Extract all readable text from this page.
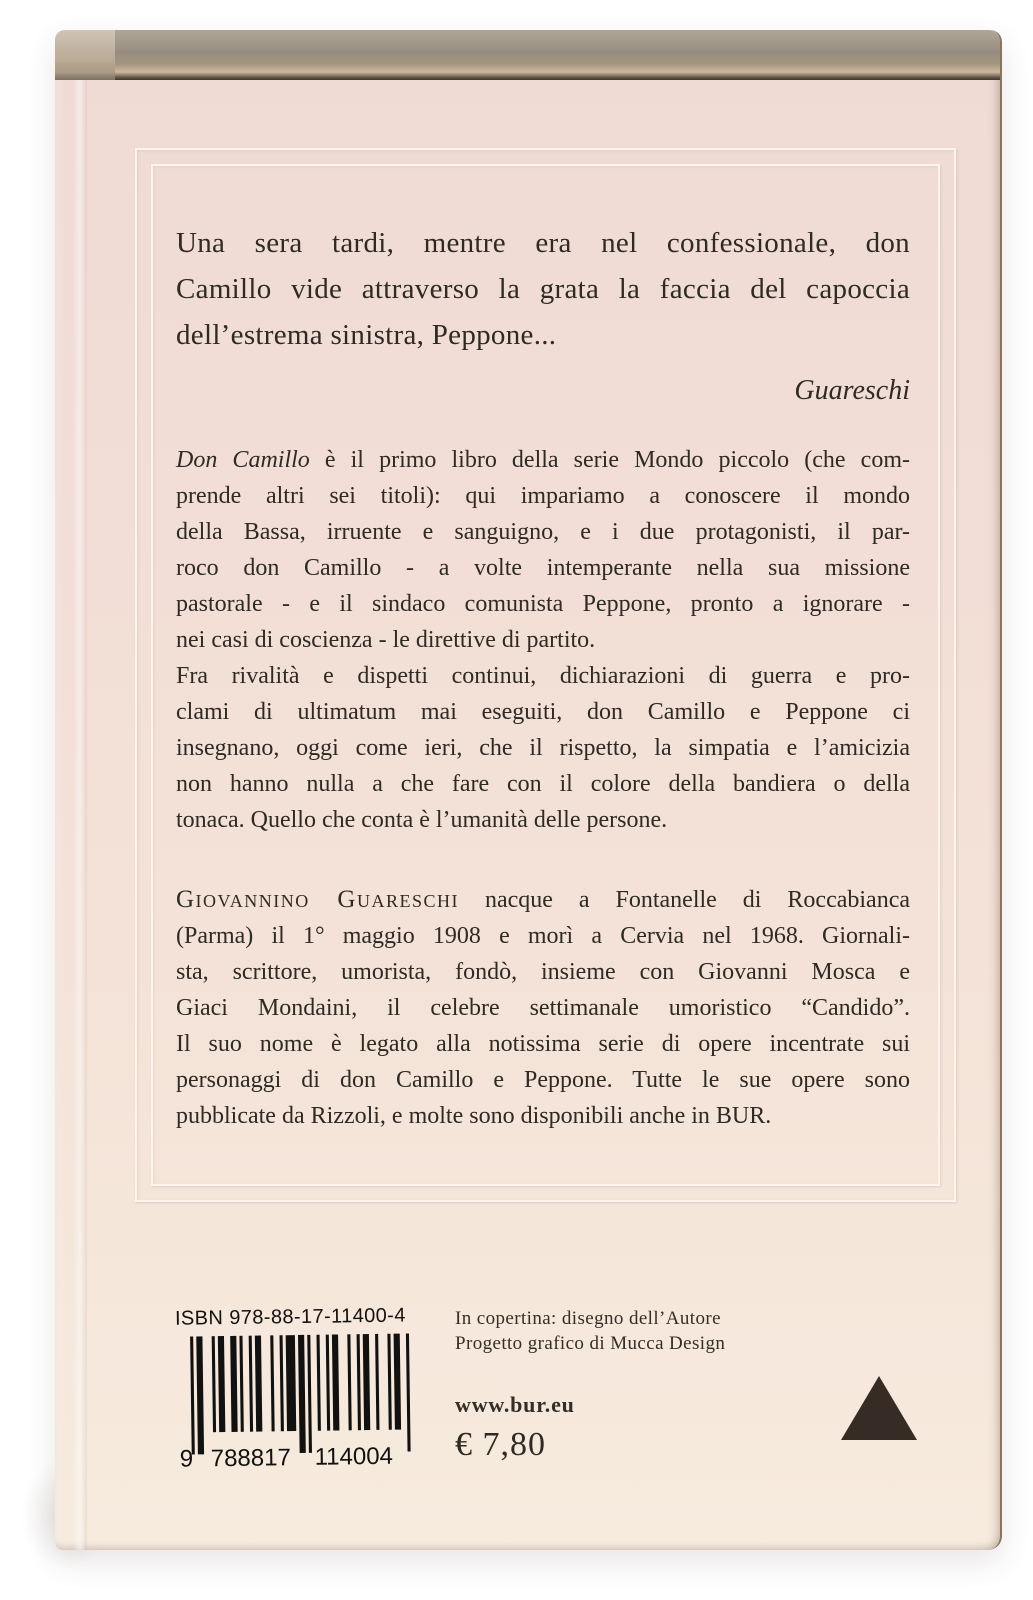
Una sera tardi, mentre era nel confessionale, don
Camillo vide attraverso la grata la faccia del capoccia
dell’estrema sinistra, Peppone...
Guareschi
Don Camillo è il primo libro della serie Mondo piccolo (che com-
prende altri sei titoli): qui impariamo a conoscere il mondo
della Bassa, irruente e sanguigno, e i due protagonisti, il par-
roco don Camillo - a volte intemperante nella sua missione
pastorale - e il sindaco comunista Peppone, pronto a ignorare -
nei casi di coscienza - le direttive di partito.
Fra rivalità e dispetti continui, dichiarazioni di guerra e pro-
clami di ultimatum mai eseguiti, don Camillo e Peppone ci
insegnano, oggi come ieri, che il rispetto, la simpatia e l’amicizia
non hanno nulla a che fare con il colore della bandiera o della
tonaca. Quello che conta è l’umanità delle persone.
Giovannino Guareschi nacque a Fontanelle di Roccabianca
(Parma) il 1° maggio 1908 e morì a Cervia nel 1968. Giornali-
sta, scrittore, umorista, fondò, insieme con Giovanni Mosca e
Giaci Mondaini, il celebre settimanale umoristico “Candido”.
Il suo nome è legato alla notissima serie di opere incentrate sui
personaggi di don Camillo e Peppone. Tutte le sue opere sono
pubblicate da Rizzoli, e molte sono disponibili anche in BUR.
ISBN 978-88-17-11400-4
9 788817 114004
In copertina: disegno dell’Autore
Progetto grafico di Mucca Design
www.bur.eu
€ 7,80
